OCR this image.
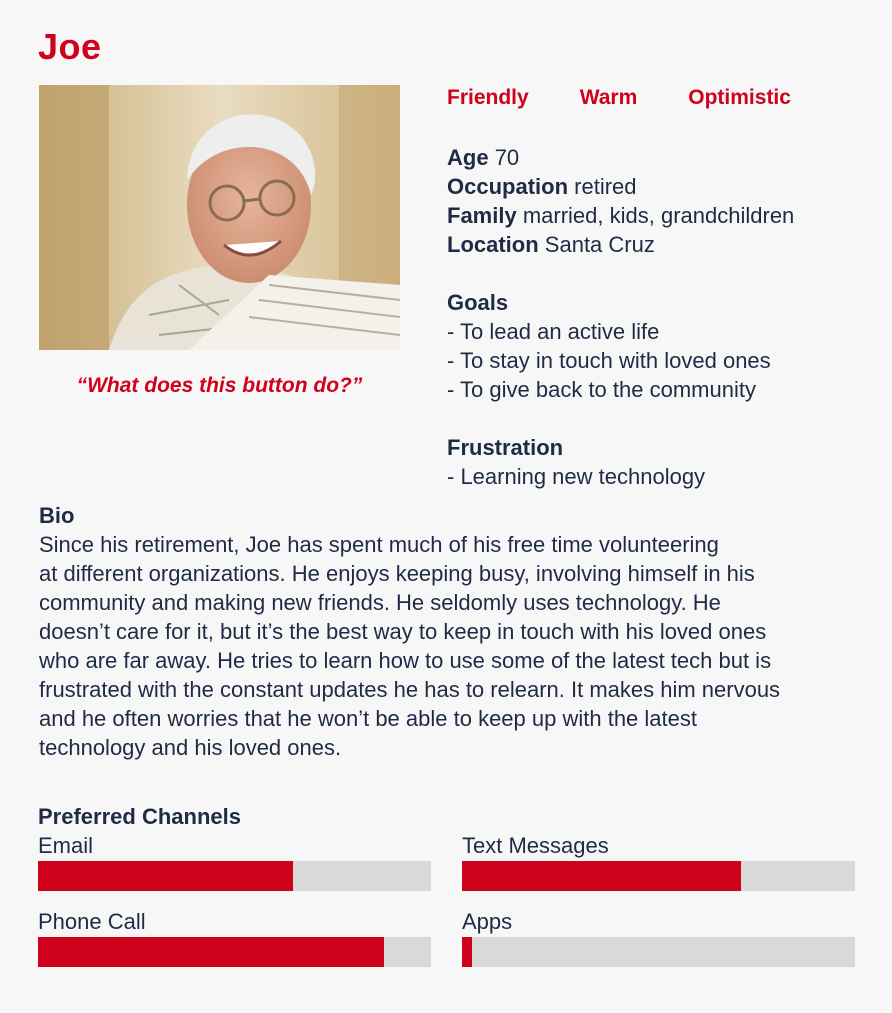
Joe
“What does this button do?”
Friendly Warm Optimistic
Age 70
Occupation retired
Family married, kids, grandchildren
Location Santa Cruz
Goals
- To lead an active life
- To stay in touch with loved ones
- To give back to the community
Frustration
- Learning new technology
Bio
Since his retirement, Joe has spent much of his free time volunteering
at different organizations. He enjoys keeping busy, involving himself in his
community and making new friends. He seldomly uses technology. He
doesn’t care for it, but it’s the best way to keep in touch with his loved ones
who are far away. He tries to learn how to use some of the latest tech but is
frustrated with the constant updates he has to relearn. It makes him nervous
and he often worries that he won’t be able to keep up with the latest
technology and his loved ones.
Preferred Channels
Email	Text Messages
Phone Call	Apps
